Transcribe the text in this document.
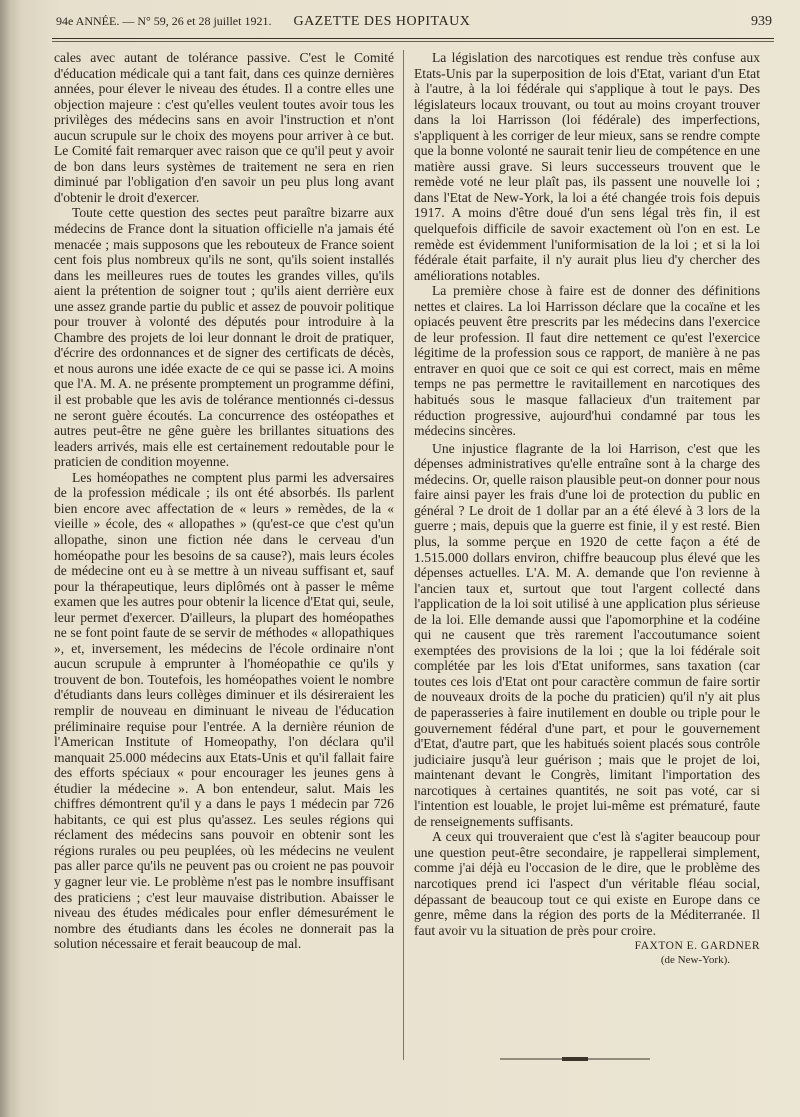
94e ANNÉE. — N° 59, 26 et 28 juillet 1921. GAZETTE DES HOPITAUX	939

cales avec autant de tolérance passive. C'est le Comité d'éducation médicale qui a tant fait, dans ces quinze dernières années, pour élever le niveau des études. Il a contre elles une objection majeure : c'est qu'elles veulent toutes avoir tous les privilèges des médecins sans en avoir l'instruction et n'ont aucun scrupule sur le choix des moyens pour arriver à ce but. Le Comité fait remarquer avec raison que ce qu'il peut y avoir de bon dans leurs systèmes de traitement ne sera en rien diminué par l'obligation d'en savoir un peu plus long avant d'obtenir le droit d'exercer.

Toute cette question des sectes peut paraître bizarre aux médecins de France dont la situation officielle n'a jamais été menacée ; mais supposons que les rebouteux de France soient cent fois plus nombreux qu'ils ne sont, qu'ils soient installés dans les meilleures rues de toutes les grandes villes, qu'ils aient la prétention de soigner tout ; qu'ils aient derrière eux une assez grande partie du public et assez de pouvoir politique pour trouver à volonté des députés pour introduire à la Chambre des projets de loi leur donnant le droit de pratiquer, d'écrire des ordonnances et de signer des certificats de décès, et nous aurons une idée exacte de ce qui se passe ici. A moins que l'A. M. A. ne présente promptement un programme défini, il est probable que les avis de tolérance mentionnés ci-dessus ne seront guère écoutés. La concurrence des ostéopathes et autres peut-être ne gêne guère les brillantes situations des leaders arrivés, mais elle est certainement redoutable pour le praticien de condition moyenne.

Les homéopathes ne comptent plus parmi les adversaires de la profession médicale ; ils ont été absorbés. Ils parlent bien encore avec affectation de « leurs » remèdes, de la « vieille » école, des « allopathes » (qu'est-ce que c'est qu'un allopathe, sinon une fiction née dans le cerveau d'un homéopathe pour les besoins de sa cause?), mais leurs écoles de médecine ont eu à se mettre à un niveau suffisant et, sauf pour la thérapeutique, leurs diplômés ont à passer le même examen que les autres pour obtenir la licence d'Etat qui, seule, leur permet d'exercer. D'ailleurs, la plupart des homéopathes ne se font point faute de se servir de méthodes « allopathiques », et, inversement, les médecins de l'école ordinaire n'ont aucun scrupule à emprunter à l'homéopathie ce qu'ils y trouvent de bon. Toutefois, les homéopathes voient le nombre d'étudiants dans leurs collèges diminuer et ils désireraient les remplir de nouveau en diminuant le niveau de l'éducation préliminaire requise pour l'entrée. A la dernière réunion de l'American Institute of Homeopathy, l'on déclara qu'il manquait 25.000 médecins aux Etats-Unis et qu'il fallait faire des efforts spéciaux « pour encourager les jeunes gens à étudier la médecine ». A bon entendeur, salut. Mais les chiffres démontrent qu'il y a dans le pays 1 médecin par 726 habitants, ce qui est plus qu'assez. Les seules régions qui réclament des médecins sans pouvoir en obtenir sont les régions rurales ou peu peuplées, où les médecins ne veulent pas aller parce qu'ils ne peuvent pas ou croient ne pas pouvoir y gagner leur vie. Le problème n'est pas le nombre insuffisant des praticiens ; c'est leur mauvaise distribution. Abaisser le niveau des études médicales pour enfler démesurément le nombre des étudiants dans les écoles ne donnerait pas la solution nécessaire et ferait beaucoup de mal.

La législation des narcotiques est rendue très confuse aux Etats-Unis par la superposition de lois d'Etat, variant d'un Etat à l'autre, à la loi fédérale qui s'applique à tout le pays. Des législateurs locaux trouvant, ou tout au moins croyant trouver dans la loi Harrisson (loi fédérale) des imperfections, s'appliquent à les corriger de leur mieux, sans se rendre compte que la bonne volonté ne saurait tenir lieu de compétence en une matière aussi grave. Si leurs successeurs trouvent que le remède voté ne leur plaît pas, ils passent une nouvelle loi ; dans l'Etat de New-York, la loi a été changée trois fois depuis 1917. A moins d'être doué d'un sens légal très fin, il est quelquefois difficile de savoir exactement où l'on en est. Le remède est évidemment l'uniformisation de la loi ; et si la loi fédérale était parfaite, il n'y aurait plus lieu d'y chercher des améliorations notables.

La première chose à faire est de donner des définitions nettes et claires. La loi Harrisson déclare que la cocaïne et les opiacés peuvent être prescrits par les médecins dans l'exercice de leur profession. Il faut dire nettement ce qu'est l'exercice légitime de la profession sous ce rapport, de manière à ne pas entraver en quoi que ce soit ce qui est correct, mais en même temps ne pas permettre le ravitaillement en narcotiques des habitués sous le masque fallacieux d'un traitement par réduction progressive, aujourd'hui condamné par tous les médecins sincères.

Une injustice flagrante de la loi Harrison, c'est que les dépenses administratives qu'elle entraîne sont à la charge des médecins. Or, quelle raison plausible peut-on donner pour nous faire ainsi payer les frais d'une loi de protection du public en général ? Le droit de 1 dollar par an a été élevé à 3 lors de la guerre ; mais, depuis que la guerre est finie, il y est resté. Bien plus, la somme perçue en 1920 de cette façon a été de 1.515.000 dollars environ, chiffre beaucoup plus élevé que les dépenses actuelles. L'A. M. A. demande que l'on revienne à l'ancien taux et, surtout que tout l'argent collecté dans l'application de la loi soit utilisé à une application plus sérieuse de la loi. Elle demande aussi que l'apomorphine et la codéine qui ne causent que très rarement l'accoutumance soient exemptées des provisions de la loi ; que la loi fédérale soit complétée par les lois d'Etat uniformes, sans taxation (car toutes ces lois d'Etat ont pour caractère commun de faire sortir de nouveaux droits de la poche du praticien) qu'il n'y ait plus de paperasseries à faire inutilement en double ou triple pour le gouvernement fédéral d'une part, et pour le gouvernement d'Etat, d'autre part, que les habitués soient placés sous contrôle judiciaire jusqu'à leur guérison ; mais que le projet de loi, maintenant devant le Congrès, limitant l'importation des narcotiques à certaines quantités, ne soit pas voté, car si l'intention est louable, le projet lui-même est prématuré, faute de renseignements suffisants.

A ceux qui trouveraient que c'est là s'agiter beaucoup pour une question peut-être secondaire, je rappellerai simplement, comme j'ai déjà eu l'occasion de le dire, que le problème des narcotiques prend ici l'aspect d'un véritable fléau social, dépassant de beaucoup tout ce qui existe en Europe dans ce genre, même dans la région des ports de la Méditerranée. Il faut avoir vu la situation de près pour croire.

FAXTON E. GARDNER
(de New-York).
